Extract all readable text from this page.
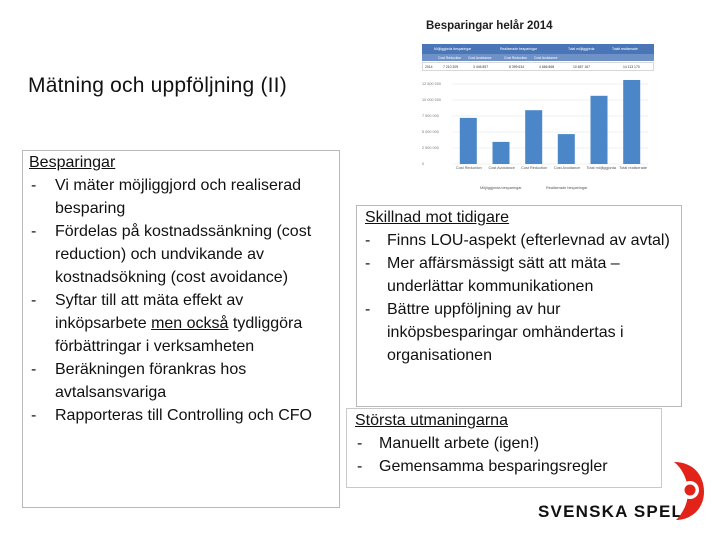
Mätning och uppföljning (II)
Besparingar
- Vi mäter möjliggjord och realiserad besparing
- Fördelas på kostnadssänkning (cost reduction) och undvikande av kostnadsökning (cost avoidance)
- Syftar till att mäta effekt av inköpsarbete men också tydliggöra förbättringar i verksamheten
- Beräkningen förankras hos avtalsansvariga
- Rapporteras till Controlling och CFO
Skillnad mot tidigare
- Finns LOU-aspekt (efterlevnad av avtal)
- Mer affärsmässigt sätt att mäta – underlättar kommunikationen
- Bättre uppföljning av hur inköpsbesparingar omhändertas i organisationen
Största utmaningarna
- Manuellt arbete (igen!)
- Gemensamma besparingsregler
Besparingar helår 2014
Möjliggjorda besparingar	Realiserade besparingar	Total möjliggjorda	Totalt realiserade
Cost Reduction Cost Avoidance	Cost Reduction Cost Avoidance
2014	7 210 309	3 446 857	8 399 634	4 666 868	10 657 167	14 113 170
0
2 500 000
5 000 000
7 500 000
10 000 000
12 500 000
Möjliggjorda besparingar	Realiserade besparingar
Cost Reduction Cost Avoidance Cost Reduction Cost Avoidance Total möjliggjorda Total realiserade
SVENSKA SPEL
